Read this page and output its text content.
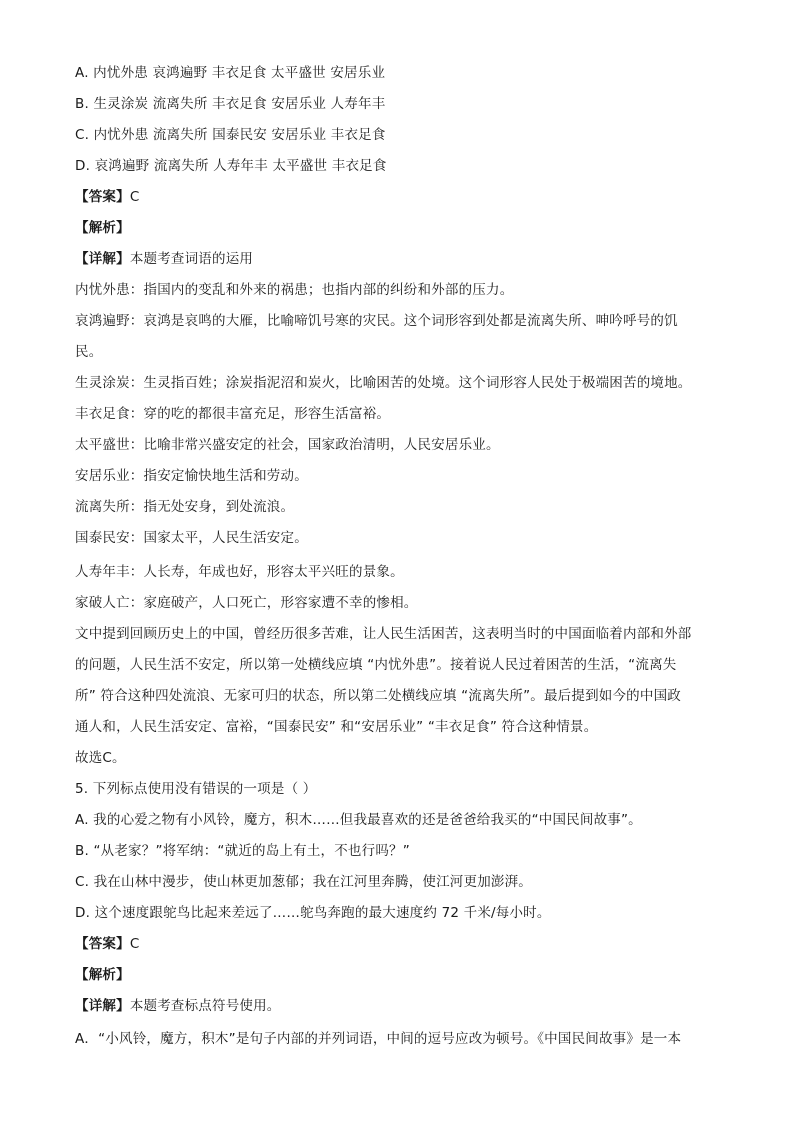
A. 内忧外患 哀鸿遍野 丰衣足食 太平盛世 安居乐业
B. 生灵涂炭 流离失所 丰衣足食 安居乐业 人寿年丰
C. 内忧外患 流离失所 国泰民安 安居乐业 丰衣足食
D. 哀鸿遍野 流离失所 人寿年丰 太平盛世 丰衣足食
【答案】C
【解析】
【详解】本题考查词语的运用
内忧外患：指国内的变乱和外来的祸患；也指内部的纠纷和外部的压力。
哀鸿遍野：哀鸿是哀鸣的大雁，比喻啼饥号寒的灾民。这个词形容到处都是流离失所、呻吟呼号的饥
民。
生灵涂炭：生灵指百姓；涂炭指泥沼和炭火，比喻困苦的处境。这个词形容人民处于极端困苦的境地。
丰衣足食：穿的吃的都很丰富充足，形容生活富裕。
太平盛世：比喻非常兴盛安定的社会，国家政治清明，人民安居乐业。
安居乐业：指安定愉快地生活和劳动。
流离失所：指无处安身，到处流浪。
国泰民安：国家太平，人民生活安定。
人寿年丰：人长寿，年成也好，形容太平兴旺的景象。
家破人亡：家庭破产，人口死亡，形容家遭不幸的惨相。
文中提到回顾历史上的中国，曾经历很多苦难，让人民生活困苦，这表明当时的中国面临着内部和外部
的问题，人民生活不安定，所以第一处横线应填 “内忧外患”。接着说人民过着困苦的生活，“流离失
所” 符合这种四处流浪、无家可归的状态，所以第二处横线应填 “流离失所”。最后提到如今的中国政
通人和，人民生活安定、富裕，“国泰民安” 和“安居乐业” “丰衣足食” 符合这种情景。
故选C。
5. 下列标点使用没有错误的一项是（ ）
A. 我的心爱之物有小风铃，魔方，积木……但我最喜欢的还是爸爸给我买的“中国民间故事”。
B. “从老家？”将军纳：“就近的岛上有土，不也行吗？”
C. 我在山林中漫步，使山林更加葱郁；我在江河里奔腾，使江河更加澎湃。
D. 这个速度跟鸵鸟比起来差远了……鸵鸟奔跑的最大速度约 72 千米/每小时。
【答案】C
【解析】
【详解】本题考查标点符号使用。
A．“小风铃，魔方，积木”是句子内部的并列词语，中间的逗号应改为顿号。《中国民间故事》是一本
